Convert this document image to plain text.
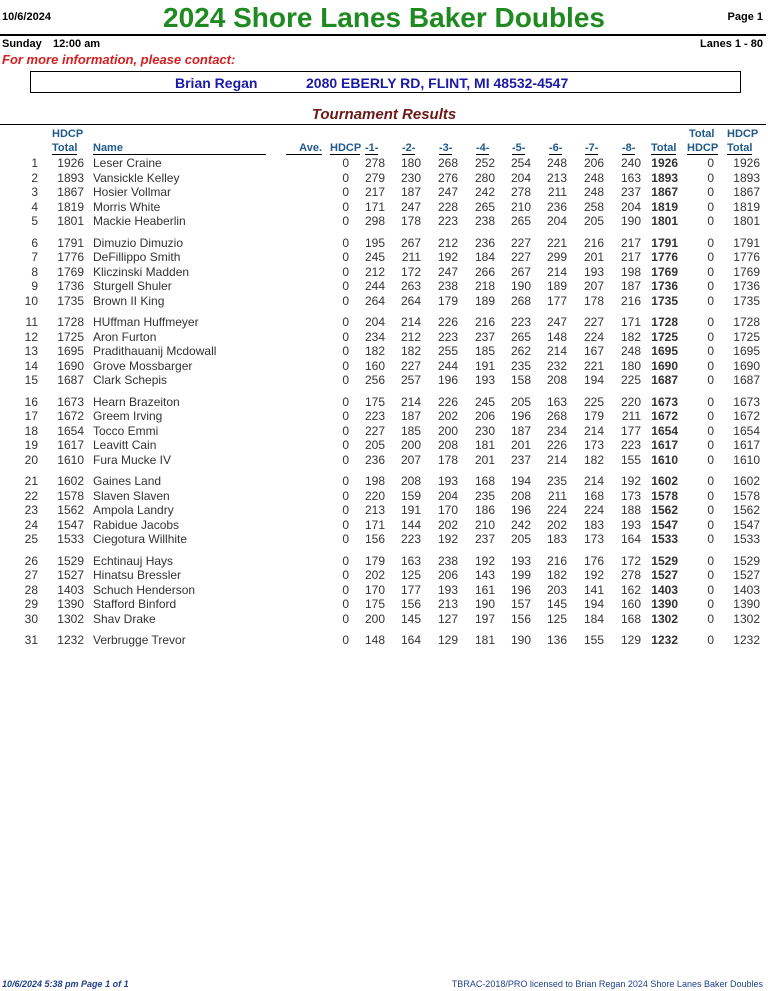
10/6/2024	2024 Shore Lanes Baker Doubles	Page 1
Sunday 12:00 am	Lanes 1 - 80
For more information, please contact:
Brian Regan	2080 EBERLY RD, FLINT, MI 48532-4547
Tournament Results
HDCP
Total Name	Ave. HDCP -1- -2- -3- -4- -5- -6- -7- -8- Total
Total
HDCP
HDCP
Total
1 1926 Leser Craine	0 278 180 268 252 254 248 206 240 1926 0 1926
2 1893 Vansickle Kelley	0 279 230 276 280 204 213 248 163 1893 0 1893
3 1867 Hosier Vollmar	0 217 187 247 242 278 211 248 237 1867 0 1867
4 1819 Morris White	0 171 247 228 265 210 236 258 204 1819 0 1819
5 1801 Mackie Heaberlin	0 298 178 223 238 265 204 205 190 1801 0 1801
6 1791 Dimuzio Dimuzio	0 195 267 212 236 227 221 216 217 1791 0 1791
7 1776 DeFillippo Smith	0 245 211 192 184 227 299 201 217 1776 0 1776
8 1769 Kliczinski Madden	0 212 172 247 266 267 214 193 198 1769 0 1769
9 1736 Sturgell Shuler	0 244 263 238 218 190 189 207 187 1736 0 1736
10 1735 Brown II King	0 264 264 179 189 268 177 178 216 1735 0 1735
11 1728 HUffman Huffmeyer	0 204 214 226 216 223 247 227 171 1728 0 1728
12 1725 Aron Furton	0 234 212 223 237 265 148 224 182 1725 0 1725
13 1695 Pradithauanij Mcdowall	0 182 182 255 185 262 214 167 248 1695 0 1695
14 1690 Grove Mossbarger	0 160 227 244 191 235 232 221 180 1690 0 1690
15 1687 Clark Schepis	0 256 257 196 193 158 208 194 225 1687 0 1687
16 1673 Hearn Brazeiton	0 175 214 226 245 205 163 225 220 1673 0 1673
17 1672 Greem Irving	0 223 187 202 206 196 268 179 211 1672 0 1672
18 1654 Tocco Emmi	0 227 185 200 230 187 234 214 177 1654 0 1654
19 1617 Leavitt Cain	0 205 200 208 181 201 226 173 223 1617 0 1617
20 1610 Fura Mucke IV	0 236 207 178 201 237 214 182 155 1610 0 1610
21 1602 Gaines Land	0 198 208 193 168 194 235 214 192 1602 0 1602
22 1578 Slaven Slaven	0 220 159 204 235 208 211 168 173 1578 0 1578
23 1562 Ampola Landry	0 213 191 170 186 196 224 224 188 1562 0 1562
24 1547 Rabidue Jacobs	0 171 144 202 210 242 202 183 193 1547 0 1547
25 1533 Ciegotura Willhite	0 156 223 192 237 205 183 173 164 1533 0 1533
26 1529 Echtinauj Hays	0 179 163 238 192 193 216 176 172 1529 0 1529
27 1527 Hinatsu Bressler	0 202 125 206 143 199 182 192 278 1527 0 1527
28 1403 Schuch Henderson	0 170 177 193 161 196 203 141 162 1403 0 1403
29 1390 Stafford Binford	0 175 156 213 190 157 145 194 160 1390 0 1390
30 1302 Shav Drake	0 200 145 127 197 156 125 184 168 1302 0 1302
31 1232 Verbrugge Trevor	0 148 164 129 181 190 136 155 129 1232 0 1232
10/6/2024 5:38 pm Page 1 of 1	TBRAC-2018/PRO licensed to Brian Regan 2024 Shore Lanes Baker Doubles
